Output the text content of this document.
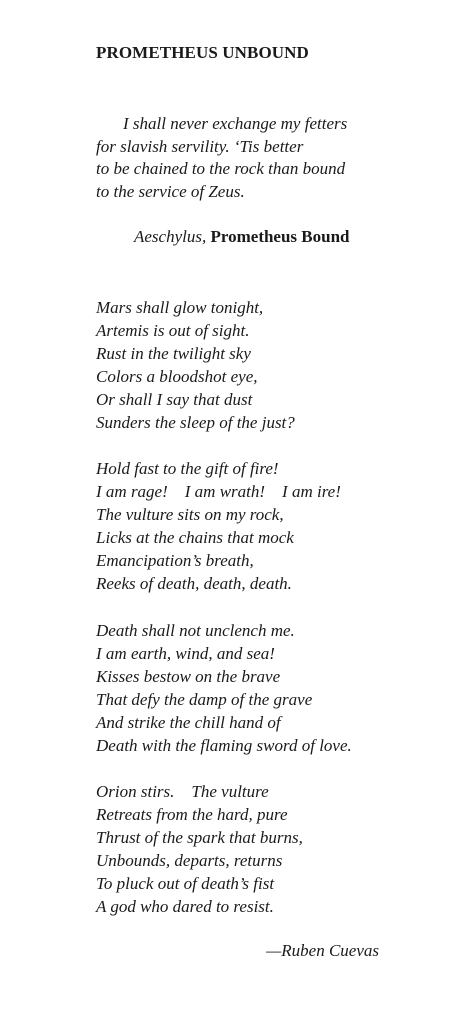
PROMETHEUS UNBOUND
I shall never exchange my fetters
for slavish servility. ‘Tis better
to be chained to the rock than bound
to the service of Zeus.
Aeschylus, Prometheus Bound
Mars shall glow tonight,
Artemis is out of sight.
Rust in the twilight sky
Colors a bloodshot eye,
Or shall I say that dust
Sunders the sleep of the just?
Hold fast to the gift of fire!
I am rage! I am wrath! I am ire!
The vulture sits on my rock,
Licks at the chains that mock
Emancipation’s breath,
Reeks of death, death, death.
Death shall not unclench me.
I am earth, wind, and sea!
Kisses bestow on the brave
That defy the damp of the grave
And strike the chill hand of
Death with the flaming sword of love.
Orion stirs. The vulture
Retreats from the hard, pure
Thrust of the spark that burns,
Unbounds, departs, returns
To pluck out of death’s fist
A god who dared to resist.
—Ruben Cuevas
